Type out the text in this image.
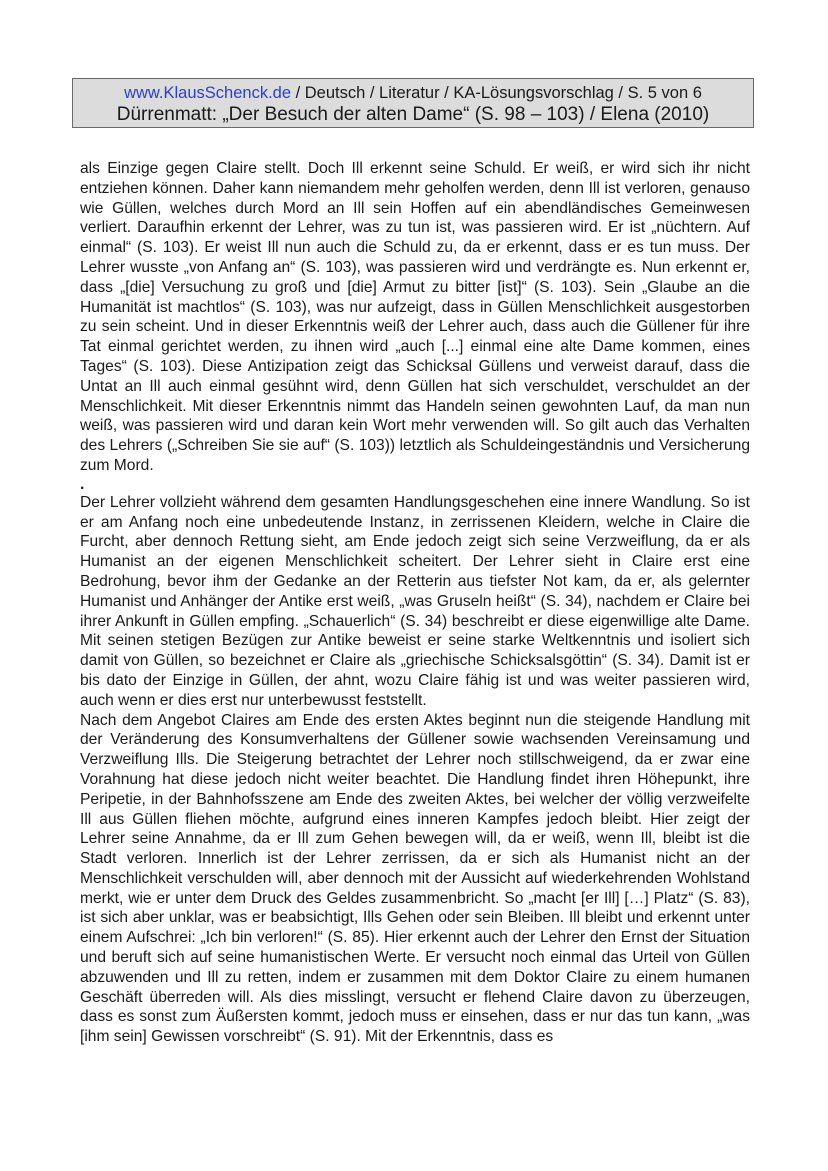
www.KlausSchenck.de / Deutsch / Literatur / KA-Lösungsvorschlag / S. 5 von 6
Dürrenmatt: „Der Besuch der alten Dame“ (S. 98 – 103) / Elena (2010)

als Einzige gegen Claire stellt. Doch Ill erkennt seine Schuld. Er weiß, er wird sich ihr nicht entziehen können. Daher kann niemandem mehr geholfen werden, denn Ill ist verloren, genauso wie Güllen, welches durch Mord an Ill sein Hoffen auf ein abendländisches Gemeinwesen verliert. Daraufhin erkennt der Lehrer, was zu tun ist, was passieren wird. Er ist „nüchtern. Auf einmal“ (S. 103). Er weist Ill nun auch die Schuld zu, da er erkennt, dass er es tun muss. Der Lehrer wusste „von Anfang an“ (S. 103), was passieren wird und verdrängte es. Nun erkennt er, dass „[die] Versuchung zu groß und [die] Armut zu bitter [ist]“ (S. 103). Sein „Glaube an die Humanität ist machtlos“ (S. 103), was nur aufzeigt, dass in Güllen Menschlichkeit ausgestorben zu sein scheint. Und in dieser Erkenntnis weiß der Lehrer auch, dass auch die Güllener für ihre Tat einmal gerichtet werden, zu ihnen wird „auch [...] einmal eine alte Dame kommen, eines Tages“ (S. 103). Diese Antizipation zeigt das Schicksal Güllens und verweist darauf, dass die Untat an Ill auch einmal gesühnt wird, denn Güllen hat sich verschuldet, verschuldet an der Menschlichkeit. Mit dieser Erkenntnis nimmt das Handeln seinen gewohnten Lauf, da man nun weiß, was passieren wird und daran kein Wort mehr verwenden will. So gilt auch das Verhalten des Lehrers („Schreiben Sie sie auf“ (S. 103)) letztlich als Schuldeingeständnis und Versicherung zum Mord.

.

Der Lehrer vollzieht während dem gesamten Handlungsgeschehen eine innere Wandlung. So ist er am Anfang noch eine unbedeutende Instanz, in zerrissenen Kleidern, welche in Claire die Furcht, aber dennoch Rettung sieht, am Ende jedoch zeigt sich seine Verzweiflung, da er als Humanist an der eigenen Menschlichkeit scheitert. Der Lehrer sieht in Claire erst eine Bedrohung, bevor ihm der Gedanke an der Retterin aus tiefster Not kam, da er, als gelernter Humanist und Anhänger der Antike erst weiß, „was Gruseln heißt“ (S. 34), nachdem er Claire bei ihrer Ankunft in Güllen empfing. „Schauerlich“ (S. 34) beschreibt er diese eigenwillige alte Dame. Mit seinen stetigen Bezügen zur Antike beweist er seine starke Weltkenntnis und isoliert sich damit von Güllen, so bezeichnet er Claire als „griechische Schicksalsgöttin“ (S. 34). Damit ist er bis dato der Einzige in Güllen, der ahnt, wozu Claire fähig ist und was weiter passieren wird, auch wenn er dies erst nur unterbewusst feststellt.

Nach dem Angebot Claires am Ende des ersten Aktes beginnt nun die steigende Handlung mit der Veränderung des Konsumverhaltens der Güllener sowie wachsenden Vereinsamung und Verzweiflung Ills. Die Steigerung betrachtet der Lehrer noch stillschweigend, da er zwar eine Vorahnung hat diese jedoch nicht weiter beachtet. Die Handlung findet ihren Höhepunkt, ihre Peripetie, in der Bahnhofsszene am Ende des zweiten Aktes, bei welcher der völlig verzweifelte Ill aus Güllen fliehen möchte, aufgrund eines inneren Kampfes jedoch bleibt. Hier zeigt der Lehrer seine Annahme, da er Ill zum Gehen bewegen will, da er weiß, wenn Ill, bleibt ist die Stadt verloren. Innerlich ist der Lehrer zerrissen, da er sich als Humanist nicht an der Menschlichkeit verschulden will, aber dennoch mit der Aussicht auf wiederkehrenden Wohlstand merkt, wie er unter dem Druck des Geldes zusammenbricht. So „macht [er Ill] […] Platz“ (S. 83), ist sich aber unklar, was er beabsichtigt, Ills Gehen oder sein Bleiben. Ill bleibt und erkennt unter einem Aufschrei: „Ich bin verloren!“ (S. 85). Hier erkennt auch der Lehrer den Ernst der Situation und beruft sich auf seine humanistischen Werte. Er versucht noch einmal das Urteil von Güllen abzuwenden und Ill zu retten, indem er zusammen mit dem Doktor Claire zu einem humanen Geschäft überreden will. Als dies misslingt, versucht er flehend Claire davon zu überzeugen, dass es sonst zum Äußersten kommt, jedoch muss er einsehen, dass er nur das tun kann, „was [ihm sein] Gewissen vorschreibt“ (S. 91). Mit der Erkenntnis, dass es
